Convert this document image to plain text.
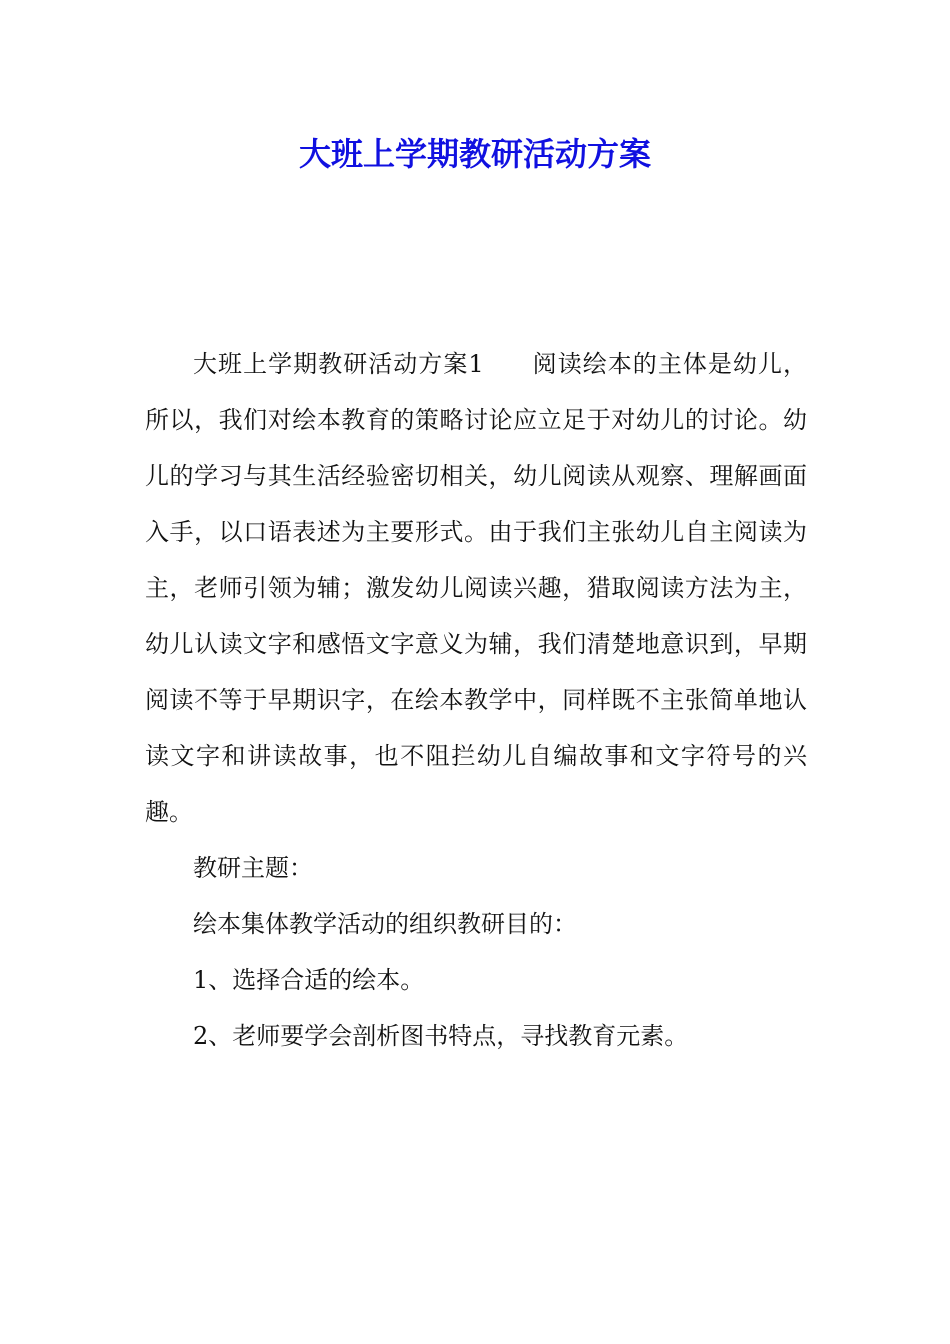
大班上学期教研活动方案

大班上学期教研活动方案1 阅读绘本的主体是幼儿，所以，我们对绘本教育的策略讨论应立足于对幼儿的讨论。幼儿的学习与其生活经验密切相关，幼儿阅读从观察、理解画面入手，以口语表述为主要形式。由于我们主张幼儿自主阅读为主，老师引领为辅；激发幼儿阅读兴趣，猎取阅读方法为主，幼儿认读文字和感悟文字意义为辅，我们清楚地意识到，早期阅读不等于早期识字，在绘本教学中，同样既不主张简单地认读文字和讲读故事，也不阻拦幼儿自编故事和文字符号的兴趣。

教研主题：

绘本集体教学活动的组织教研目的：

1、选择合适的绘本。

2、老师要学会剖析图书特点，寻找教育元素。
